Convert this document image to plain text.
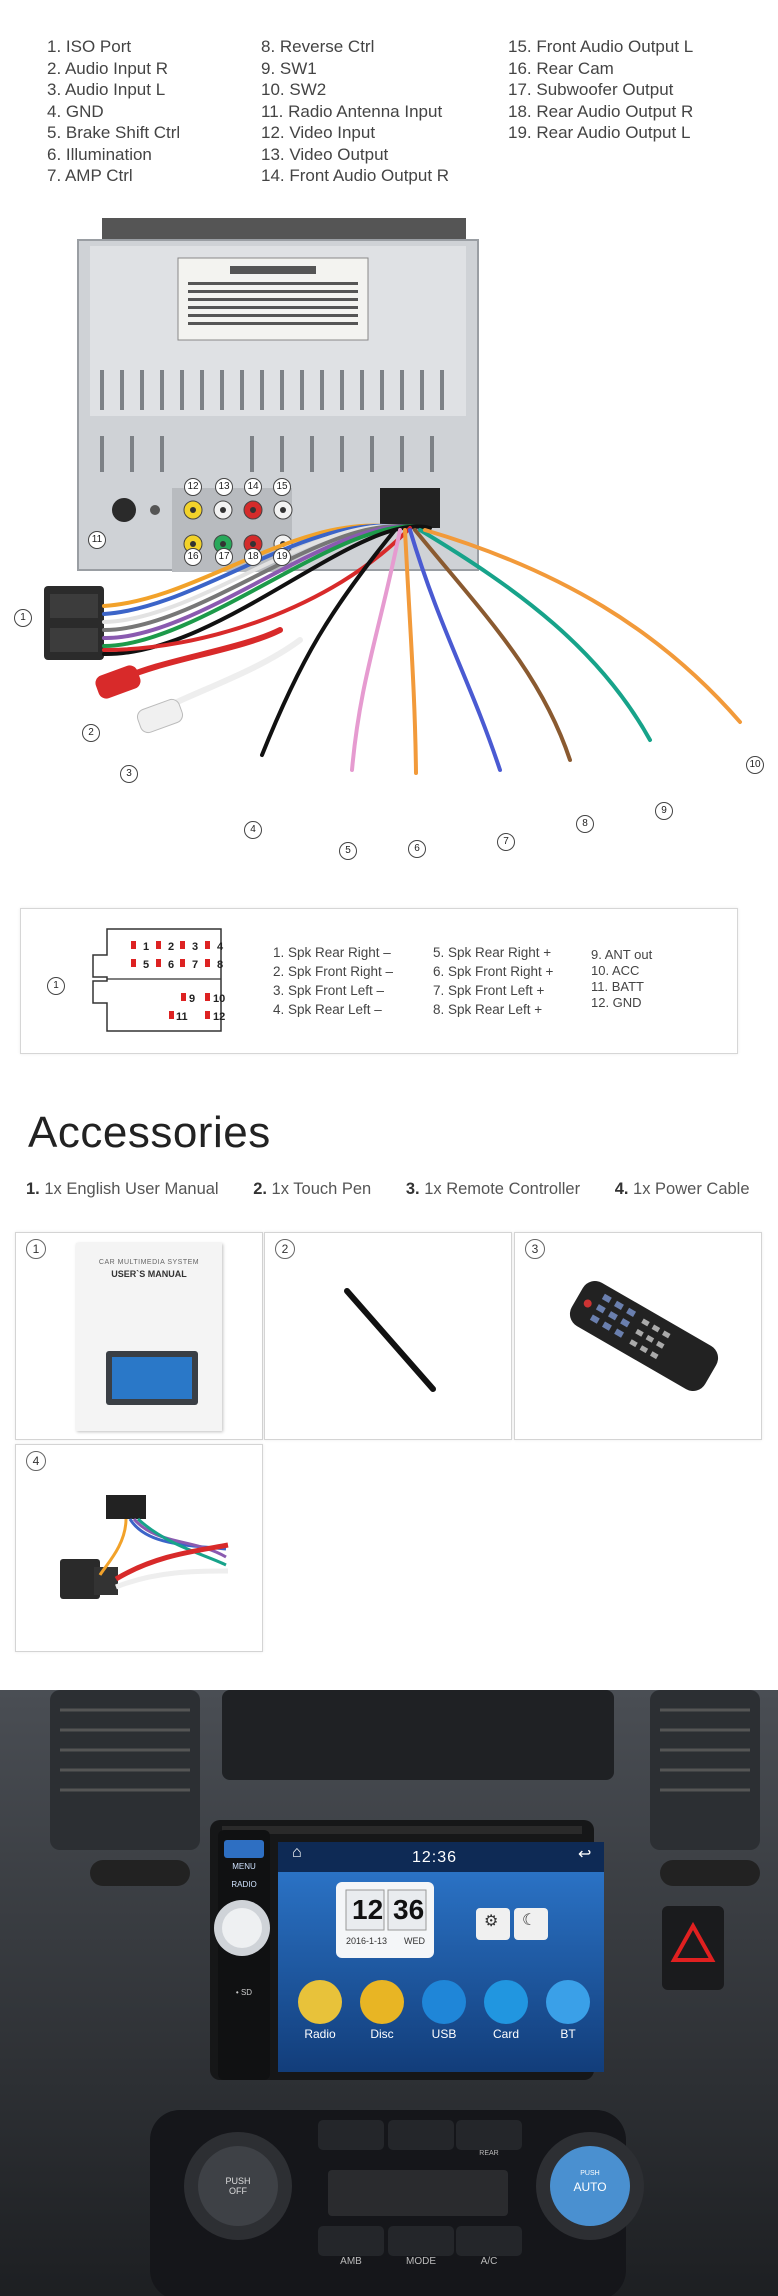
1. ISO Port
2. Audio Input R
3. Audio Input L
4. GND
5. Brake Shift Ctrl
6. Illumination
7. AMP Ctrl
8. Reverse Ctrl
9. SW1
10. SW2
11. Radio Antenna Input
12. Video Input
13. Video Output
14. Front Audio Output R
15. Front Audio Output L
16. Rear Cam
17. Subwoofer Output
18. Rear Audio Output R
19. Rear Audio Output L
1
2
3
4
5	6
7
8
9
10
11
12	13	14	15
16	17	18	19
1
1 2 3 4
5 6 7 8
9 10
11 12
1. Spk Rear Right –
2. Spk Front Right –
3. Spk Front Left –
4. Spk Rear Left –
5. Spk Rear Right +
6. Spk Front Right +
7. Spk Front Left +
8. Spk Rear Left +
9. ANT out
10. ACC
11. BATT
12. GND
Accessories
1. 1x English User Manual 2. 1x Touch Pen 3. 1x Remote Controller 4. 1x Power Cable
1
CAR MULTIMEDIA SYSTEM
USER`S MANUAL
2	3
4
12:36
12 36
2016-1-13 WED
⚙ ☾
⌂	↩
Radio	Disc	USB	Card	BT
MENU
RADIO
• SD
PUSH
OFF
PUSH
AUTO
AMB	MODE	A/C
REAR
